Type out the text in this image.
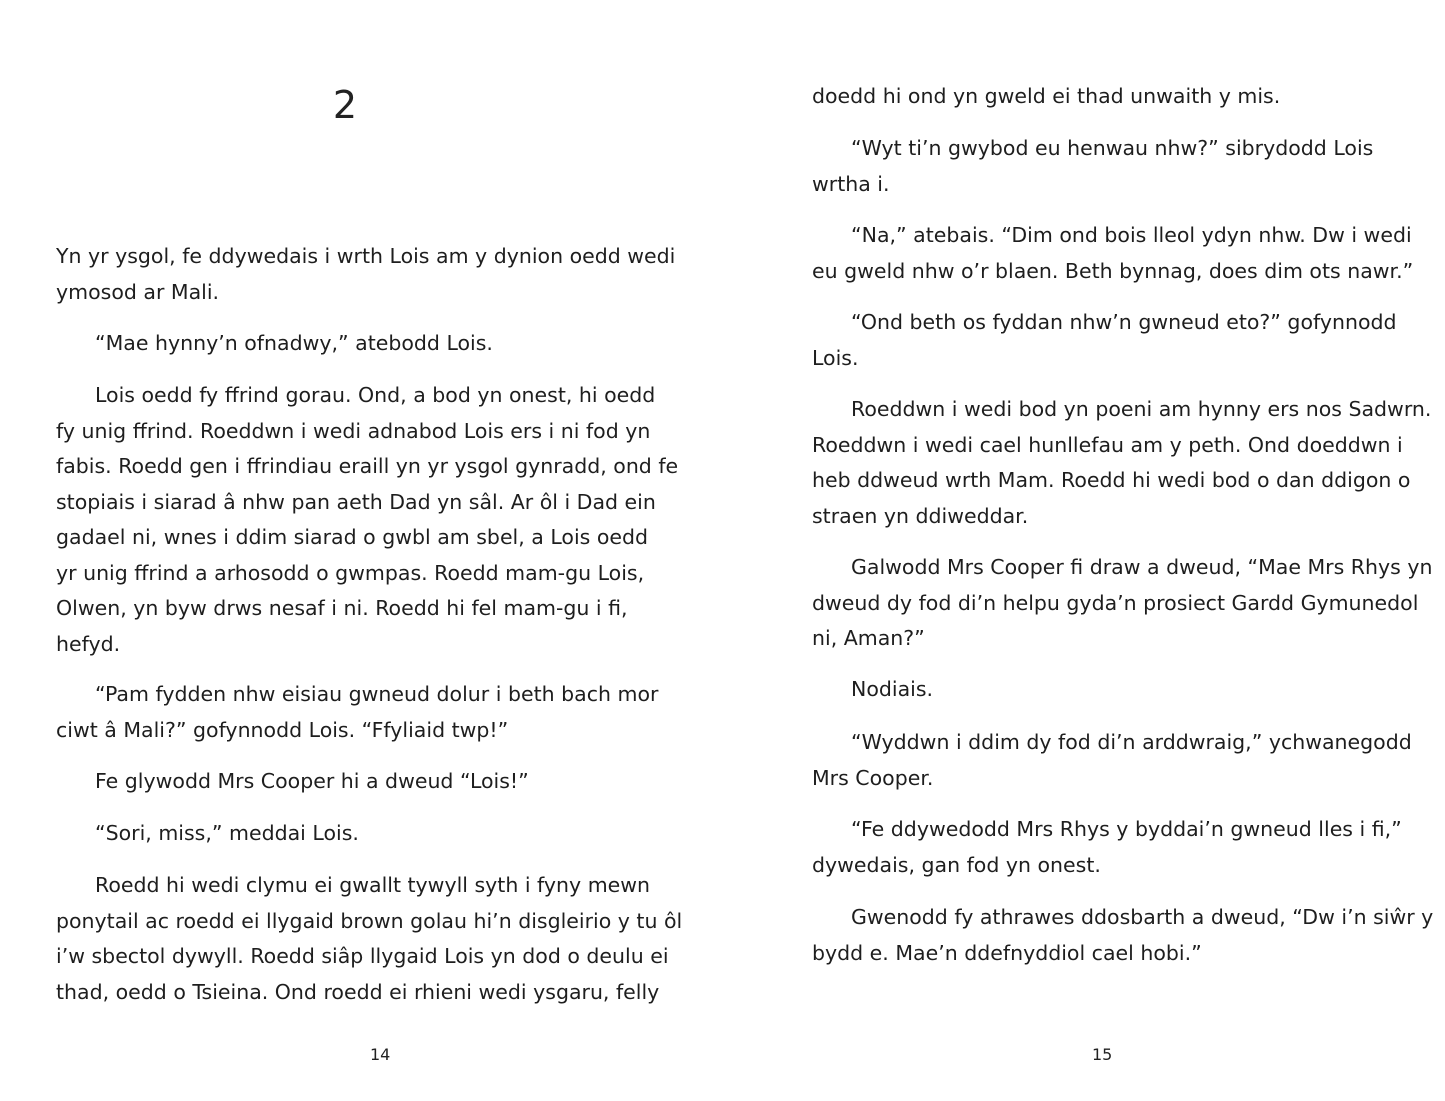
2

Yn yr ysgol, fe ddywedais i wrth Lois am y dynion oedd wedi
ymosod ar Mali.

“Mae hynny’n ofnadwy,” atebodd Lois.

Lois oedd fy ffrind gorau. Ond, a bod yn onest, hi oedd
fy unig ffrind. Roeddwn i wedi adnabod Lois ers i ni fod yn
fabis. Roedd gen i ffrindiau eraill yn yr ysgol gynradd, ond fe
stopiais i siarad â nhw pan aeth Dad yn sâl. Ar ôl i Dad ein
gadael ni, wnes i ddim siarad o gwbl am sbel, a Lois oedd
yr unig ffrind a arhosodd o gwmpas. Roedd mam-gu Lois,
Olwen, yn byw drws nesaf i ni. Roedd hi fel mam-gu i fi,
hefyd.

“Pam fydden nhw eisiau gwneud dolur i beth bach mor
ciwt â Mali?” gofynnodd Lois. “Ffyliaid twp!”

Fe glywodd Mrs Cooper hi a dweud “Lois!”

“Sori, miss,” meddai Lois.

Roedd hi wedi clymu ei gwallt tywyll syth i fyny mewn
ponytail ac roedd ei llygaid brown golau hi’n disgleirio y tu ôl
i’w sbectol dywyll. Roedd siâp llygaid Lois yn dod o deulu ei
thad, oedd o Tsieina. Ond roedd ei rhieni wedi ysgaru, felly

14

doedd hi ond yn gweld ei thad unwaith y mis.

“Wyt ti’n gwybod eu henwau nhw?” sibrydodd Lois
wrtha i.

“Na,” atebais. “Dim ond bois lleol ydyn nhw. Dw i wedi
eu gweld nhw o’r blaen. Beth bynnag, does dim ots nawr.”

“Ond beth os fyddan nhw’n gwneud eto?” gofynnodd
Lois.

Roeddwn i wedi bod yn poeni am hynny ers nos Sadwrn.
Roeddwn i wedi cael hunllefau am y peth. Ond doeddwn i
heb ddweud wrth Mam. Roedd hi wedi bod o dan ddigon o
straen yn ddiweddar.

Galwodd Mrs Cooper fi draw a dweud, “Mae Mrs Rhys yn
dweud dy fod di’n helpu gyda’n prosiect Gardd Gymunedol
ni, Aman?”

Nodiais.

“Wyddwn i ddim dy fod di’n arddwraig,” ychwanegodd
Mrs Cooper.

“Fe ddywedodd Mrs Rhys y byddai’n gwneud lles i fi,”
dywedais, gan fod yn onest.

Gwenodd fy athrawes ddosbarth a dweud, “Dw i’n siŵr y
bydd e. Mae’n ddefnyddiol cael hobi.”

15
